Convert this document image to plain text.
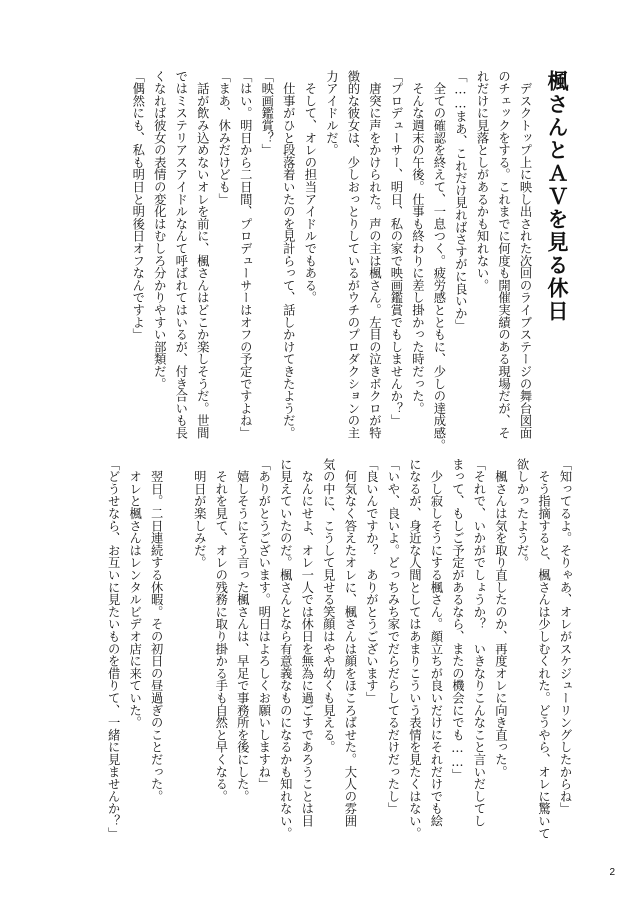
楓さんとＡＶを見る休日
　デスクトップ上に映し出された次回のライブステージの舞台図面
のチェックをする。これまでに何度も開催実績のある現場だが、そ
れだけに見落としがあるかも知れない。
「……まあ、これだけ見ればさすがに良いか」
　全ての確認を終えて、一息つく。疲労感とともに、少しの達成感。
　そんな週末の午後。仕事も終わりに差し掛かった時だった。
「プロデューサー、明日、私の家で映画鑑賞でもしませんか？」
　唐突に声をかけられた。声の主は楓さん。左目の泣きボクロが特
徴的な彼女は、少しおっとりしているがウチのプロダクションの主
力アイドルだ。
　そして、オレの担当アイドルでもある。
　仕事がひと段落着いたのを見計らって、話しかけてきたようだ。
「映画鑑賞？」
「はい。明日から二日間、プロデューサーはオフの予定ですよね」
「まあ、休みだけども」
　話が飲み込めないオレを前に、楓さんはどこか楽しそうだ。世間
ではミステリアスアイドルなんて呼ばれてはいるが、付き合いも長
くなれば彼女の表情の変化はむしろ分かりやすい部類だ。
「偶然にも、私も明日と明後日オフなんですよ」
「知ってるよ。そりゃあ、オレがスケジューリングしたからね」
　そう指摘すると、楓さんは少しむくれた。どうやら、オレに驚いて
欲しかったようだ。
　楓さんは気を取り直したのか、再度オレに向き直った。
「それで、いかがでしょうか？　いきなりこんなこと言いだしてし
まって、もしご予定があるなら、またの機会にでも……」
　少し寂しそうにする楓さん。顔立ちが良いだけにそれだけでも絵
になるが、身近な人間としてはあまりこういう表情を見たくはない。
「いや、良いよ。どっちみち家でだらだらしてるだけだったし」
「良いんですか？　ありがとうございます」
　何気なく答えたオレに、楓さんは顔をほころばせた。大人の雰囲
気の中に、こうして見せる笑顔はやや幼くも見える。
　なんにせよ、オレ一人では休日を無為に過ごすであろうことは目
に見えていたのだ。楓さんとなら有意義なものになるかも知れない。
「ありがとうございます。明日はよろしくお願いしますね」
　嬉しそうにそう言った楓さんは、早足で事務所を後にした。
　それを見て、オレの残務に取り掛かる手も自然と早くなる。
　明日が楽しみだ。

　翌日。二日連続する休暇。その初日の昼過ぎのことだった。
　オレと楓さんはレンタルビデオ店に来ていた。
「どうせなら、お互いに見たいものを借りて、一緒に見ませんか？」
2
